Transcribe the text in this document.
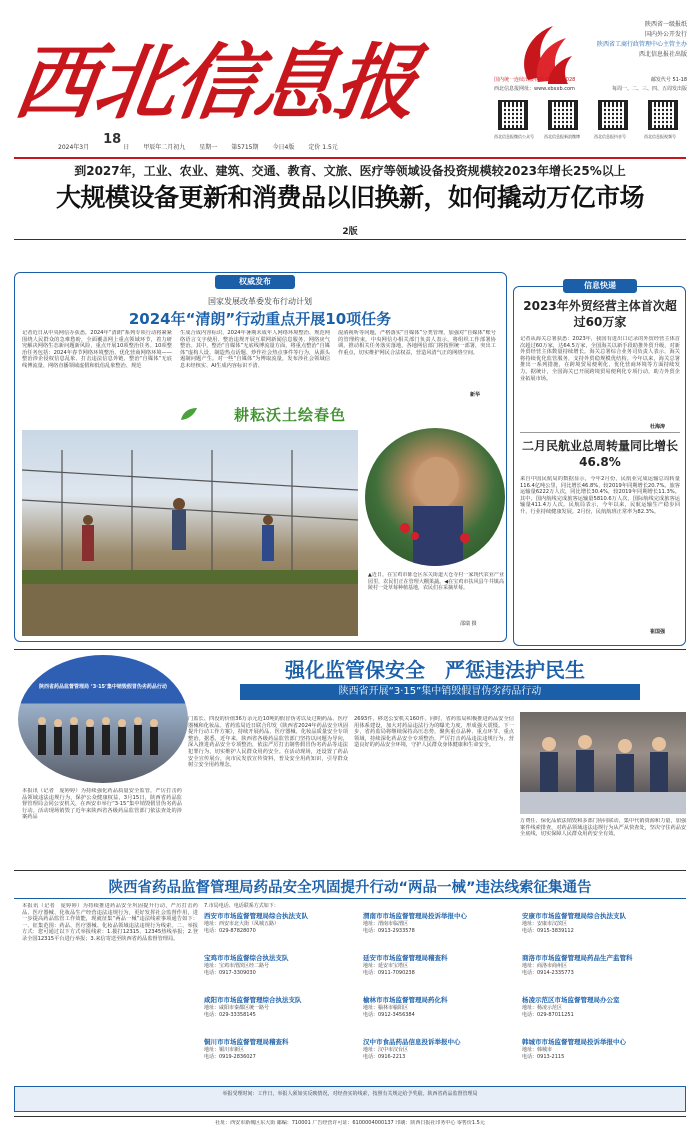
西北信息报
陕西省一级报纸
国内外公开发行
陕西省工商行政管理中心主管主办
西北信息报社出版
国内统一连续出版物号 CN 61-0028	邮发代号 51-18
西北信息报网址：www.xbxxb.com	每周一、二、三、四、五周发出版
西北信息报微信公众号	西北信息报新浪微博	西北信息报抖音号	西北信息报视频号
2024年3月
18
日 甲辰年二月初九 星期一 第5715期 今日4版 定价 1.5元
到2027年，工业、农业、建筑、交通、教育、文旅、医疗等领域设备投资规模较2023年增长25%以上
大规模设备更新和消费品以旧换新，如何撬动万亿市场
2版
权威发布
国家发展改革委发布行动计划
2024年“清朗”行动重点开展10项任务
记者近日从中央网信办获悉，2024年“清朗”系列专项行动将紧紧围绕人民群众的急难愁盼，全面覆盖网上重点领域环节，着力研究解决网络生态新问题新风险，重点开展10项整治任务。10项整治任务包括：2024年春节网络环境整治、优化营商网络环境——整治涉企侵权信息乱象、打击违法信息外链、整治“自媒体”无底线博流量、网络直播领域虚假和低俗乱象整治、规范
生成合成内容标识、2024年暑期未成年人网络环境整治、规范网络语言文字使用、整治违规开展互联网新闻信息服务、网络戾气整治。其中，整治“自媒体”无底线博流量方面，将重点整治“自媒体”虚构人设、制造热点话题、炒作社会热点事件等行为，从源头遏制问题产生。对一些“自媒体”为博取流量，发布涉社会领域信息未经核实、AI生成内容标识不清、
混淆视听等问题，严格落实“自媒体”分类管理，加强对“自媒体”账号的管理约束。中央网信办相关部门负责人表示，将组织工作部署协调，推动相关任务落实落地，各地网信部门将按照统一部署，突出工作重点，切实维护网民合法权益，营造风清气正的网络空间。
新华
耕耘沃土绘春色
▲近日，在宝鸡市陈仓区东关街道大仓寺村一家现代农业产业园里，农民们正在管理大棚果蔬。◀在宝鸡市扶风县午井镇高陵村一处草莓种植基地，农民们在采摘草莓。
邵瑞 摄
信息快递
2023年外贸经营主体首次超过60万家
记者从海关总署获悉：2023年，我国有进出口记录的外贸经营主体首次超过60万家，达64.5万家，全国海关以新手段助推外贸升级，对新外贸经营主体数量持续增长。海关总署综合业务司负责人表示，海关将持续优化监管服务，支持外贸稳规模优结构。今年以来，海关总署推出一系列措施，在跨境贸易便利化、优化营商环境等方面持续发力。据统计，全国海关已开展跨境贸易便利化专项行动，助力外贸企业拓展市场。
杜海涛
二月民航业总周转量同比增长46.8%
来自中国民航局的数据显示，今年2月份，民航业完成运输总周转量116.4亿吨公里，同比增长46.8%，较2019年同期增长20.7%。旅客运输量6222万人次，同比增长30.4%，较2019年同期增长11.3%。其中，国内航线完成旅客运输量5810.6万人次，国际航线完成旅客运输量411.4万人次。民航局表示，今年以来，民航运输生产稳步回升，行业持续健康发展。2月份，民航航班正常率为82.3%。
崔国强
陕西省药品监督管理局 ‘3·15’集中销毁假冒伪劣药品行动
强化监管保安全　严惩违法护民生
陕西省开展“3·15”集中销毁假冒伪劣药品行动
本报讯（记者　庞婷婷）为持续强化药品质量安全监管，严厉打击药品领域违法违规行为，保护公众健康权益，3月15日，陕西省药品监督管理局会同公安机关，在西安市举行“3·15”集中销毁假冒伪劣药品行动。活动现场销毁了近年来陕西省各级药品监管部门依法查处的涉案药品
门监长、四没的价值36万余元近10吨的假冒伪劣以及过期药品、医疗器械和化妆品。省药监局近日联合印发《陕西省2024年药品安全巩固提升行动工作方案》，持续开展药品、医疗器械、化妆品质量安全专项整治。据悉，近年来，陕西省各级药品监管部门坚持以问题为导向，深入推进药品安全专项整治，依法严厉打击制售假冒伪劣药品等违法犯罪行为，切实维护人民群众用药安全。在活动现场，还设置了药品安全宣传展台，向市民发放宣传资料，普及安全用药知识，引导群众树立安全用药理念。
2693件，移送公安机关160件。同时，省药监局积极推进药品安全信用体系建设，加大对药品违法行为的曝光力度，形成强大震慑。下一步，省药监局将继续保持高压态势，聚焦重点品种、重点环节、重点领域，持续深化药品安全专项整治，严厉打击药品违法违规行为，营造良好的药品安全环境，守护人民群众身体健康和生命安全。
万费任、保化品依法销毁和多部门协同联动，集中代销资源和力量，加强案件线索排查，对药品领域违法违规行为从严从快查处，坚决守住药品安全底线，切实保障人民群众用药安全有效。
陕西省药品监督管理局药品安全巩固提升行动“两品一械”违法线索征集通告
本报讯（记者　庞婷婷）为持续推进药品安全巩固提升行动，严厉打击药品、医疗器械、化妆品生产经营违法违规行为，更好发挥社会监督作用，进一步提高药品监管工作效能，现就征集“两品一械”违法线索事项通告如下：一、征集范围：药品、医疗器械、化妆品领域违法违规行为线索。二、举报方式：您可通过以下方式举报线索：1.拨打12315、12345热线举报；2.登录全国12315平台进行举报；3.来信寄送至陕西省药品监督管理局。
7.市局电话、电话联系方式如下：
西安市市场监督管理局综合执法支队
地址：西安市北大街（凤城五路）
电话：029-87828070
宝鸡市市场监督综合执法支队
地址：宝鸡市渭滨区经二路号
电话：0917-3309030
咸阳市市场监督管理综合执法支队
地址：咸阳市秦都区统一路号
电话：029-33358145
铜川市市场监督管理局稽查科
地址：铜川市新区
电话：0919-2836027
渭南市市场监督管理局投诉举报中心
地址：渭南市临渭区
电话：0913-2933578
延安市市场监督管理局稽查科
地址：延安市宝塔区
电话：0911-7090238
榆林市市场监督管理局药化科
地址：榆林市榆阳区
电话：0912-3456384
汉中市食品药品信息投诉举报中心
地址：汉中市汉台区
电话：0916-2213
安康市市场监督管理局综合执法支队
地址：安康市汉滨区
电话：0915-3839112
商洛市市场监督管理局药品生产监管科
地址：商洛市商州区
电话：0914-2335773
杨凌示范区市场监督管理局办公室
地址：杨凌示范区
电话：029-87011251
韩城市市场监督管理局投诉举报中心
地址：韩城市
电话：0913-2115
举报受理时间：工作日，举报人须如实反映情况，对经查实的线索，按照有关规定给予奖励。陕西省药品监督管理局
社址：西安市新城区东大街 邮编：710001 广告经营许可证：6100004000137 印刷：陕西日报社印务中心 零售价1.5元
